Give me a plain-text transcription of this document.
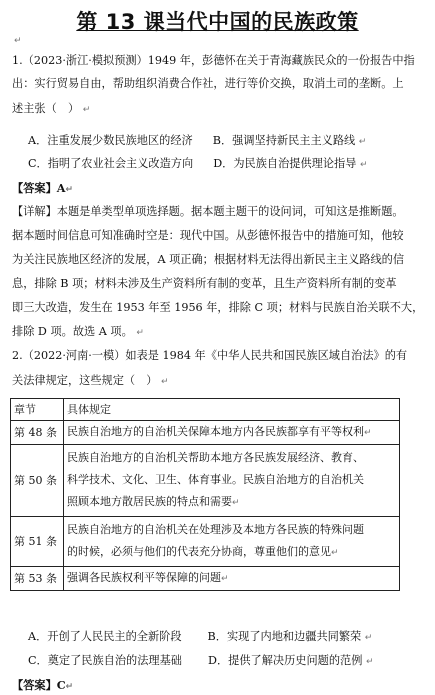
第 13 课当代中国的民族政策
↵
1.（2023·浙江·模拟预测）1949 年，彭德怀在关于青海藏族民众的一份报告中指
出：实行贸易自由，帮助组织消费合作社，进行等价交换，取消土司的垄断。上
述主张（　） ↵
A．注重发展少数民族地区的经济 B．强调坚持新民主主义路线 ↵
C．指明了农业社会主义改造方向 D．为民族自治提供理论指导 ↵
【答案】A↵
【详解】本题是单类型单项选择题。据本题主题干的设问词，可知这是推断题。
据本题时间信息可知准确时空是：现代中国。从彭德怀报告中的措施可知，他较
为关注民族地区经济的发展，A 项正确；根据材料无法得出新民主主义路线的信
息，排除 B 项；材料未涉及生产资料所有制的变革，且生产资料所有制的变革
即三大改造，发生在 1953 年至 1956 年，排除 C 项；材料与民族自治关联不大，
排除 D 项。故选 A 项。 ↵
2.（2022·河南·一模）如表是 1984 年《中华人民共和国民族区域自治法》的有
关法律规定，这些规定（　） ↵
章节	具体规定
第 48 条	民族自治地方的自治机关保障本地方内各民族都享有平等权利↵
第 50 条	民族自治地方的自治机关帮助本地方各民族发展经济、教育、
科学技术、文化、卫生、体育事业。民族自治地方的自治机关
照顾本地方散居民族的特点和需要↵

第 51 条	民族自治地方的自治机关在处理涉及本地方各民族的特殊问题
的时候，必须与他们的代表充分协商，尊重他们的意见↵

第 53 条	强调各民族权利平等保障的问题↵
A．开创了人民民主的全新阶段 B．实现了内地和边疆共同繁荣 ↵
C．奠定了民族自治的法理基础 D．提供了解决历史问题的范例 ↵
【答案】C↵
